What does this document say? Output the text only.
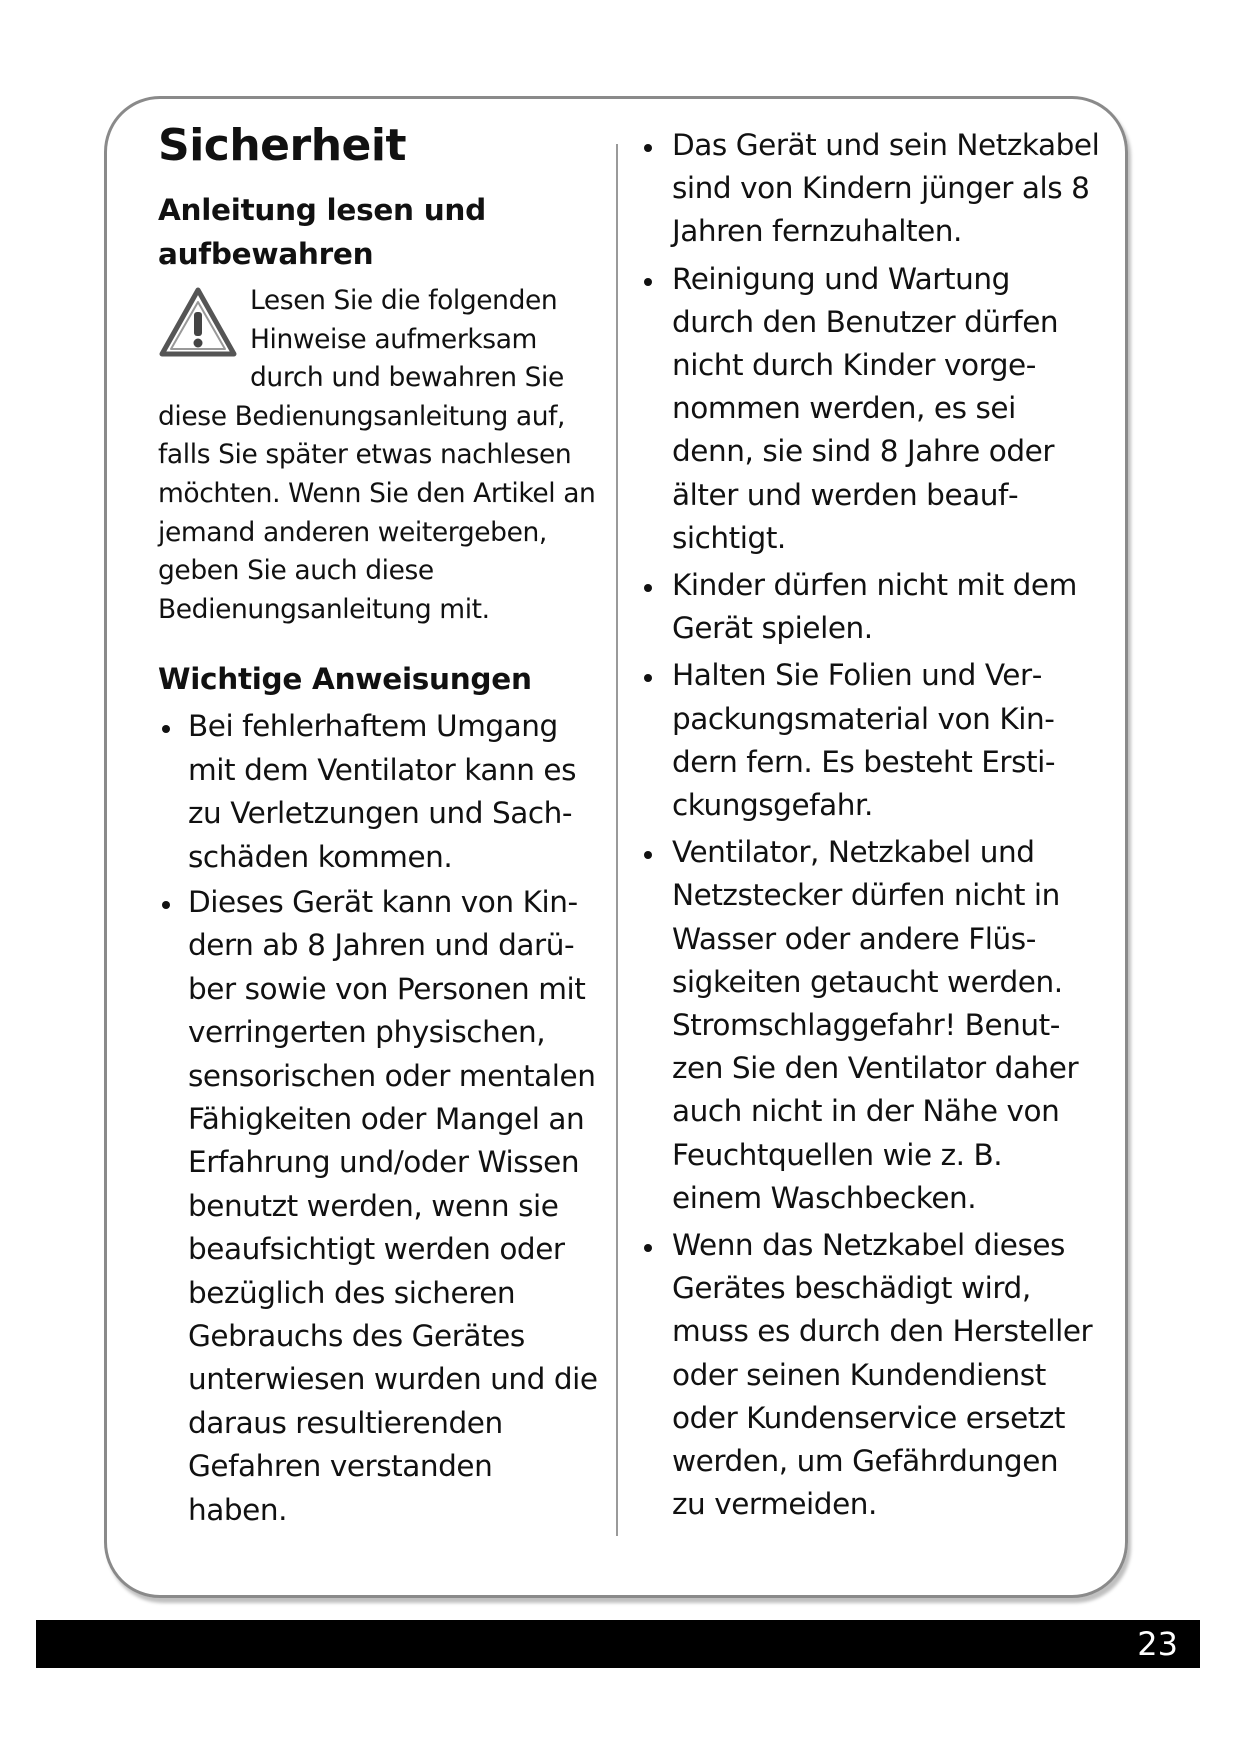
Sicherheit
Anleitung lesen und aufbewahren
Lesen Sie die folgenden Hinweise aufmerksam durch und bewahren Sie diese Bedienungsanleitung auf, falls Sie später etwas nachlesen möchten. Wenn Sie den Artikel an jemand anderen weitergeben, geben Sie auch diese Bedienungsanleitung mit.
Wichtige Anweisungen
Bei fehlerhaftem Umgang mit dem Ventilator kann es zu Verletzungen und Sachschäden kommen.
Dieses Gerät kann von Kindern ab 8 Jahren und darüber sowie von Personen mit verringerten physischen, sensorischen oder mentalen Fähigkeiten oder Mangel an Erfahrung und/oder Wissen benutzt werden, wenn sie beaufsichtigt werden oder bezüglich des sicheren Gebrauchs des Gerätes unterwiesen wurden und die daraus resultierenden Gefahren verstanden haben.
Das Gerät und sein Netzkabel sind von Kindern jünger als 8 Jahren fernzuhalten.
Reinigung und Wartung durch den Benutzer dürfen nicht durch Kinder vorgenommen werden, es sei denn, sie sind 8 Jahre oder älter und werden beaufsichtigt.
Kinder dürfen nicht mit dem Gerät spielen.
Halten Sie Folien und Verpackungsmaterial von Kindern fern. Es besteht Erstickungsgefahr.
Ventilator, Netzkabel und Netzstecker dürfen nicht in Wasser oder andere Flüssigkeiten getaucht werden. Stromschlaggefahr! Benutzen Sie den Ventilator daher auch nicht in der Nähe von Feuchtquellen wie z. B. einem Waschbecken.
Wenn das Netzkabel dieses Gerätes beschädigt wird, muss es durch den Hersteller oder seinen Kundendienst oder Kundenservice ersetzt werden, um Gefährdungen zu vermeiden.
23
